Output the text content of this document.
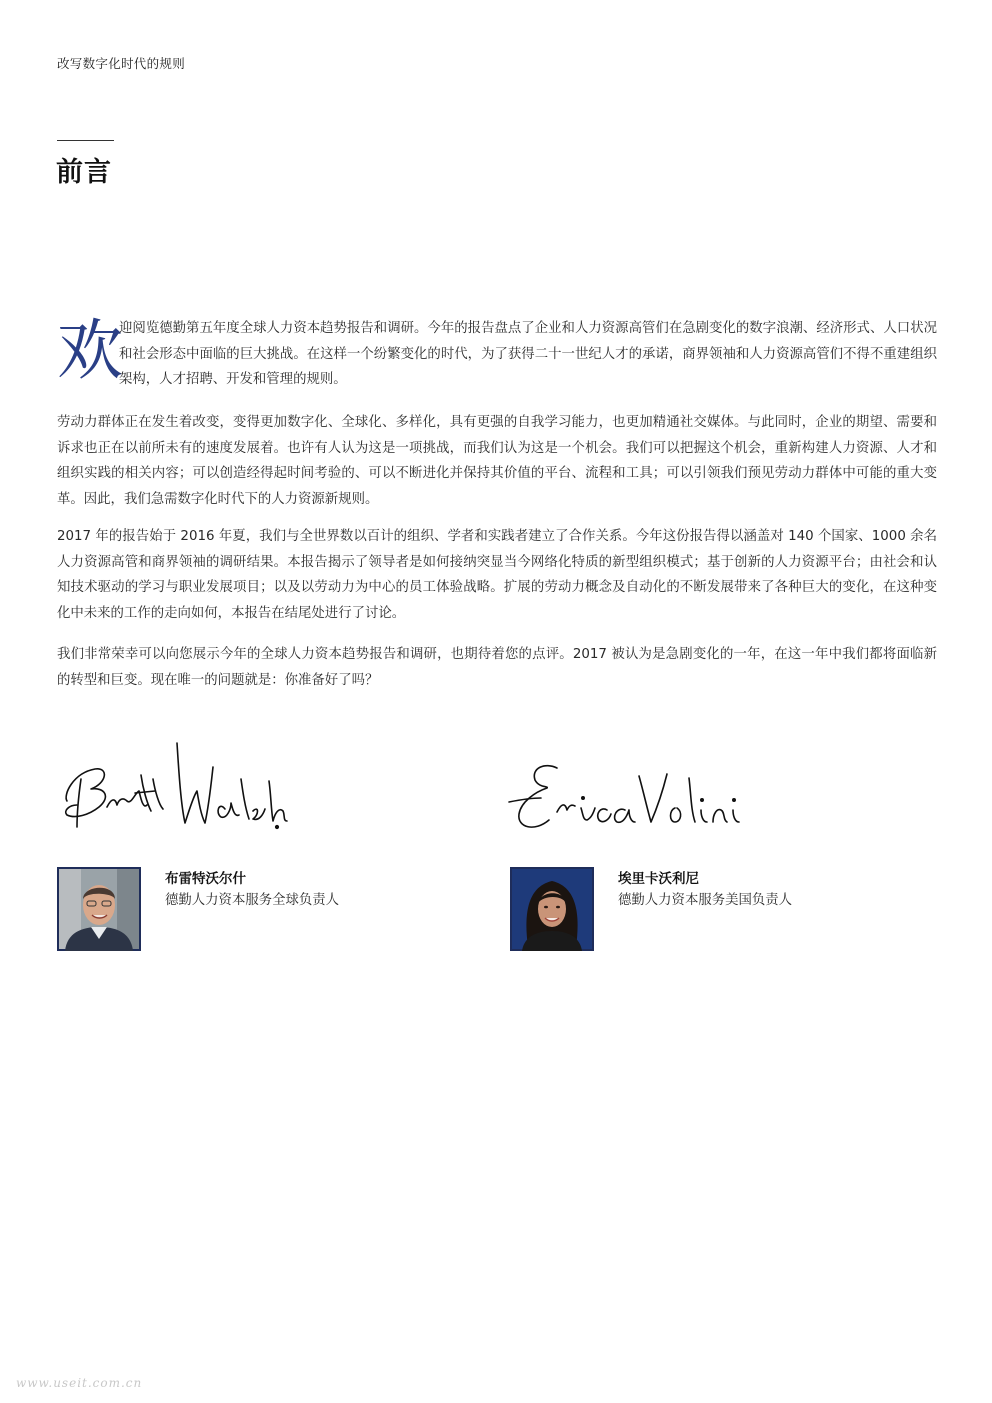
改写数字化时代的规则
前言
欢

迎阅览德勤第五年度全球人力资本趋势报告和调研。今年的报告盘点了企业和人力资源高管们在急剧变化的数字浪潮、经济形式、人口状况和社会形态中面临的巨大挑战。在这样一个纷繁变化的时代，为了获得二十一世纪人才的承诺，商界领袖和人力资源高管们不得不重建组织架构，人才招聘、开发和管理的规则。

劳动力群体正在发生着改变，变得更加数字化、全球化、多样化，具有更强的自我学习能力，也更加精通社交媒体。与此同时，企业的期望、需要和诉求也正在以前所未有的速度发展着。也许有人认为这是一项挑战，而我们认为这是一个机会。我们可以把握这个机会，重新构建人力资源、人才和组织实践的相关内容；可以创造经得起时间考验的、可以不断进化并保持其价值的平台、流程和工具；可以引领我们预见劳动力群体中可能的重大变革。因此，我们急需数字化时代下的人力资源新规则。

2017 年的报告始于 2016 年夏，我们与全世界数以百计的组织、学者和实践者建立了合作关系。今年这份报告得以涵盖对 140 个国家、1000 余名人力资源高管和商界领袖的调研结果。本报告揭示了领导者是如何接纳突显当今网络化特质的新型组织模式；基于创新的人力资源平台；由社会和认知技术驱动的学习与职业发展项目；以及以劳动力为中心的员工体验战略。扩展的劳动力概念及自动化的不断发展带来了各种巨大的变化，在这种变化中未来的工作的走向如何，本报告在结尾处进行了讨论。

我们非常荣幸可以向您展示今年的全球人力资本趋势报告和调研，也期待着您的点评。2017 被认为是急剧变化的一年，在这一年中我们都将面临新的转型和巨变。现在唯一的问题就是：你准备好了吗？

布雷特沃尔什
德勤人力资本服务全球负责人
埃里卡沃利尼
德勤人力资本服务美国负责人
www.useit.com.cn
